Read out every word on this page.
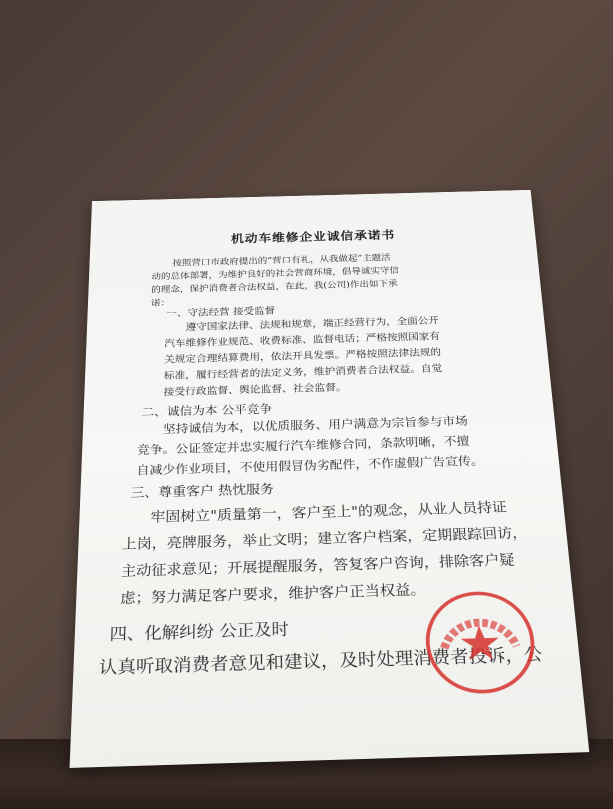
机动车维修企业诚信承诺书
按照营口市政府提出的“营口有礼，从我做起”主题活
动的总体部署，为维护良好的社会营商环境，倡导诚实守信
的理念，保护消费者合法权益，在此，我(公司)作出如下承
诺：
一、守法经营 接受监督
遵守国家法律、法规和规章，端正经营行为，全面公开
汽车维修作业规范、收费标准、监督电话；严格按照国家有
关规定合理结算费用，依法开具发票。严格按照法律法规的
标准，履行经营者的法定义务，维护消费者合法权益。自觉
接受行政监督、舆论监督、社会监督。
二、诚信为本 公平竞争
坚持诚信为本，以优质服务、用户满意为宗旨参与市场
竞争。公证签定并忠实履行汽车维修合同，条款明晰，不擅
自减少作业项目，不使用假冒伪劣配件，不作虚假广告宣传。
三、尊重客户 热忱服务
牢固树立"质量第一，客户至上"的观念，从业人员持证
上岗，亮牌服务，举止文明；建立客户档案，定期跟踪回访，
主动征求意见；开展提醒服务，答复客户咨询，排除客户疑
虑；努力满足客户要求，维护客户正当权益。
四、化解纠纷 公正及时
认真听取消费者意见和建议，及时处理消费者投诉，公
